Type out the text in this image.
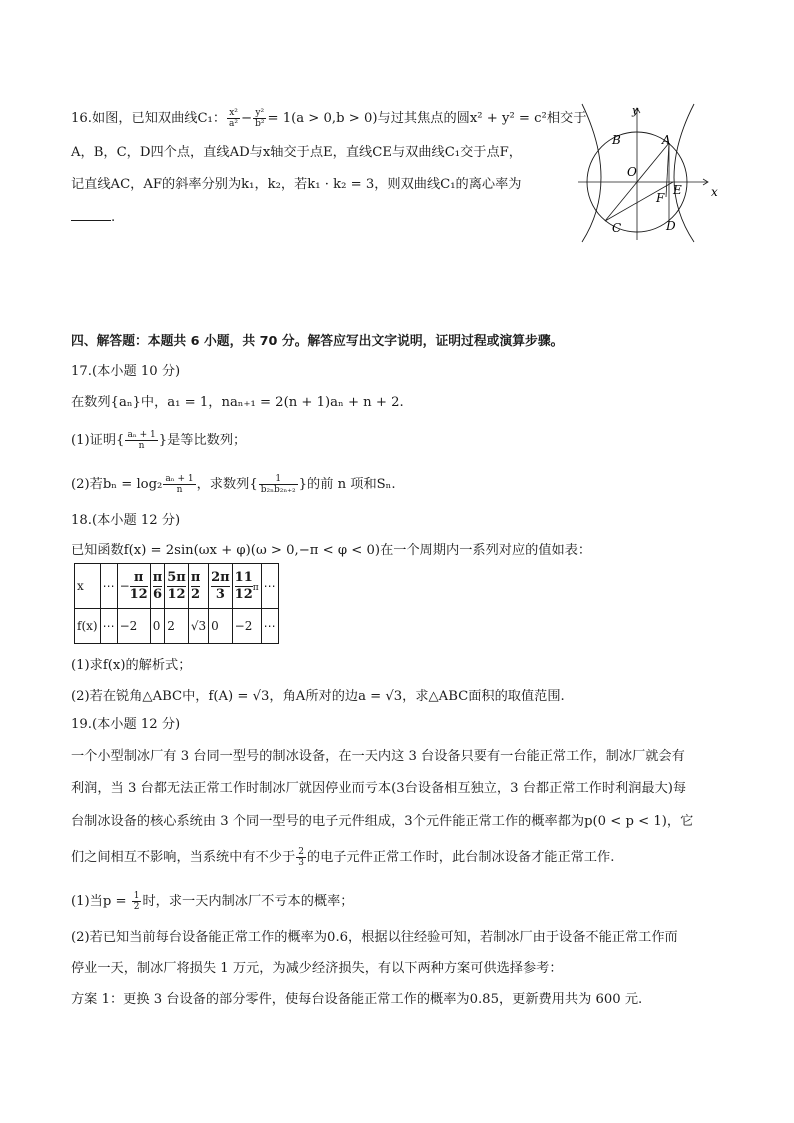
16.如图，已知双曲线C₁： $\frac{\text{x²}}{\text{a²}} - \frac{\text{y²}}{\text{b²}} = 1(a > 0,b > 0)$与过其焦点的圆x² + y² = c²相交于
A，B，C，D四个点，直线AD与x轴交于点E，直线CE与双曲线C₁交于点F，
记直线AC，AF的斜率分别为k₁，k₂，若k₁ · k₂ = 3，则双曲线C₁的离心率为
.
y
x
A
B
C	D
O
E
F
四、解答题：本题共 6 小题，共 70 分。解答应写出文字说明，证明过程或演算步骤。
17.(本小题 10 分)
在数列{aₙ}中，a₁ = 1，naₙ₊₁ = 2(n + 1)aₙ + n + 2.
(1)证明{ $\frac{\text{aₙ + 1}}{n}$ }是等比数列；
(2)若$b_n = \log_2 \frac{\text{aₙ + 1}}{n}$ ，求数列{ $\frac{1}{\text{b₂ₙb₂ₙ₊₂}}$ }的前 n 项和Sₙ.
18.(本小题 12 分)
已知函数f(x) = 2sin(ωx + φ)(ω > 0,−π < φ < 0)在一个周期内一系列对应的值如表：
x	⋯	− $\frac{\pi}{12}$	$\frac{\pi}{6}$	$\frac{5\pi}{12}$	$\frac{\pi}{2}$	$\frac{2\pi}{3}$	$\frac{11}{12}$ π	⋯
f(x)	⋯	−2	0	2	√3	0	−2	⋯
(1)求f(x)的解析式；
(2)若在锐角△ABC中，f(A) = √3，角A所对的边a = √3，求△ABC面积的取值范围.
19.(本小题 12 分)
一个小型制冰厂有 3 台同一型号的制冰设备，在一天内这 3 台设备只要有一台能正常工作，制冰厂就会有
利润，当 3 台都无法正常工作时制冰厂就因停业而亏本(3台设备相互独立，3 台都正常工作时利润最大)每
台制冰设备的核心系统由 3 个同一型号的电子元件组成，3个元件能正常工作的概率都为p(0 < p < 1)，它
们之间相互不影响，当系统中有不少于 $\frac{2}{3}$ 的电子元件正常工作时，此台制冰设备才能正常工作.
(1)当$p = \frac{1}{2}$ 时，求一天内制冰厂不亏本的概率；
(2)若已知当前每台设备能正常工作的概率为0.6，根据以往经验可知，若制冰厂由于设备不能正常工作而
停业一天，制冰厂将损失 1 万元，为减少经济损失，有以下两种方案可供选择参考：
方案 1：更换 3 台设备的部分零件，使每台设备能正常工作的概率为0.85，更新费用共为 600 元.
